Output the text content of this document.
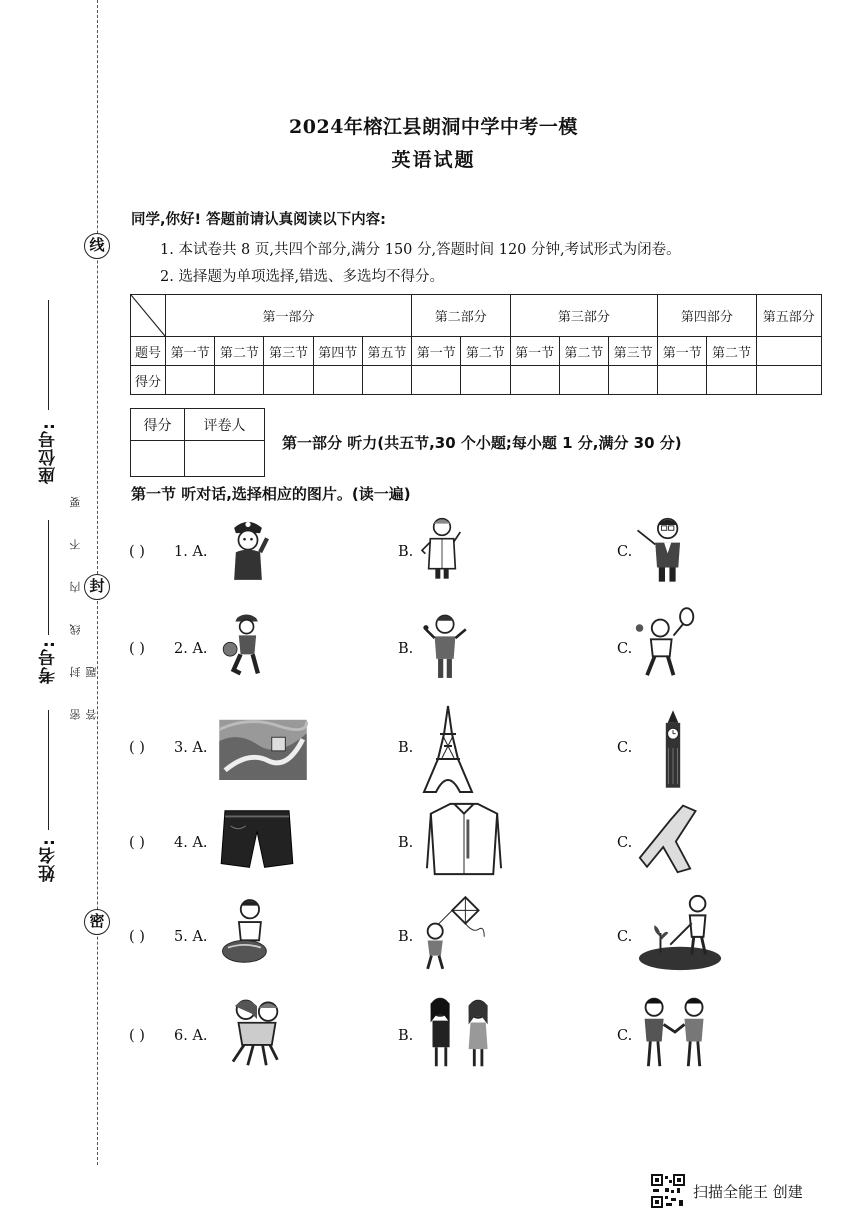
线
封
密
座位号:
考号:
姓名:
密 封 线 内 不 要 答 题
2024年榕江县朗洞中学中考一模
英语试题
同学,你好! 答题前请认真阅读以下内容:
1. 本试卷共 8 页,共四个部分,满分 150 分,答题时间 120 分钟,考试形式为闭卷。
2. 选择题为单项选择,错选、多选均不得分。
	第一部分					第二部分		第三部分			第四部分		第五部分
题号	第一节	第二节	第三节	第四节	第五节	第一节	第二节	第一节	第二节	第三节	第一节	第二节	
得分													
得分	评卷人

第一部分 听力(共五节,30 个小题;每小题 1 分,满分 30 分)
第一节 听对话,选择相应的图片。(读一遍)
( ) 1. A.	B.	C.
( ) 2. A.	B.	C.
( ) 3. A.	B.	C.
( ) 4. A.	B.	C.
( ) 5. A.	B.	C.
( ) 6. A.	B.	C.
扫描全能王 创建
